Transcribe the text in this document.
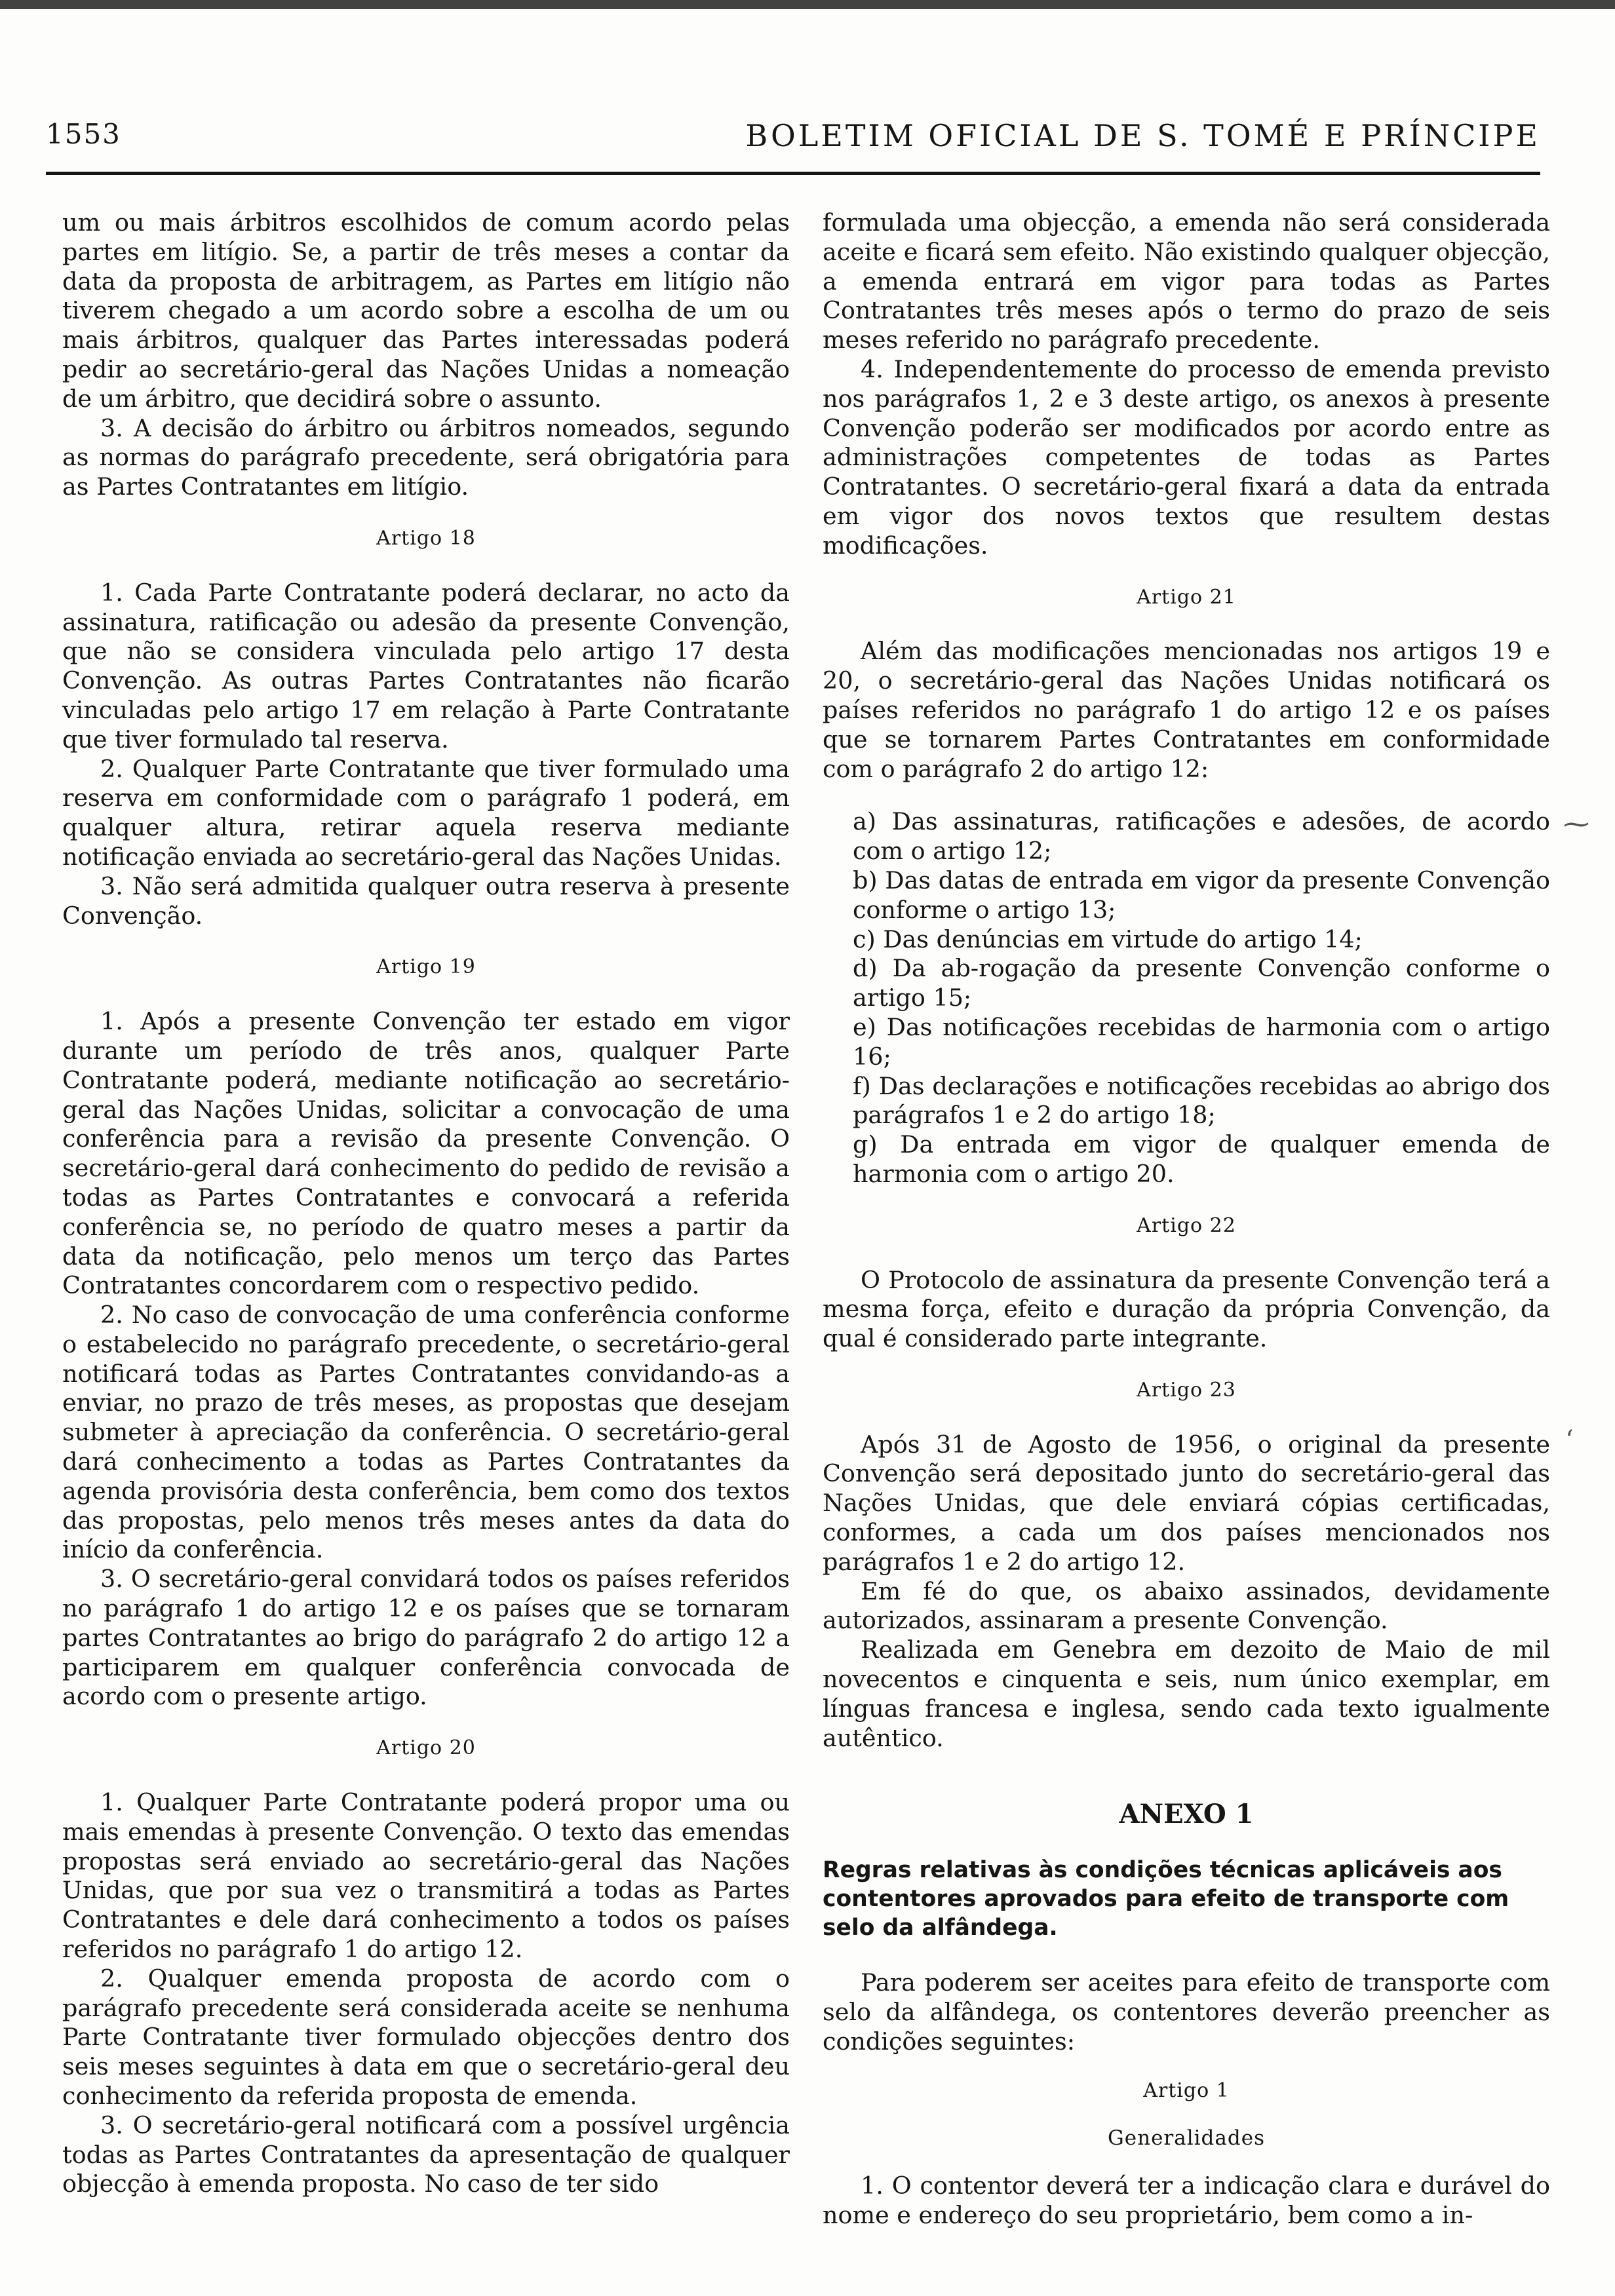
1553	BOLETIM OFICIAL DE S. TOMÉ E PRÍNCIPE

um ou mais árbitros escolhidos de comum acordo pelas partes em litígio. Se, a partir de três meses a contar da data da proposta de arbitragem, as Partes em litígio não tiverem chegado a um acordo sobre a escolha de um ou mais árbitros, qualquer das Partes interessadas poderá pedir ao secretário-geral das Nações Unidas a nomeação de um árbitro, que decidirá sobre o assunto.

3. A decisão do árbitro ou árbitros nomeados, segundo as normas do parágrafo precedente, será obrigatória para as Partes Contratantes em litígio.

Artigo 18

1. Cada Parte Contratante poderá declarar, no acto da assinatura, ratificação ou adesão da presente Convenção, que não se considera vinculada pelo artigo 17 desta Convenção. As outras Partes Contratantes não ficarão vinculadas pelo artigo 17 em relação à Parte Contratante que tiver formulado tal reserva.

2. Qualquer Parte Contratante que tiver formulado uma reserva em conformidade com o parágrafo 1 poderá, em qualquer altura, retirar aquela reserva mediante notificação enviada ao secretário-geral das Nações Unidas.

3. Não será admitida qualquer outra reserva à presente Convenção.

Artigo 19

1. Após a presente Convenção ter estado em vigor durante um período de três anos, qualquer Parte Contratante poderá, mediante notificação ao secretário-geral das Nações Unidas, solicitar a convocação de uma conferência para a revisão da presente Convenção. O secretário-geral dará conhecimento do pedido de revisão a todas as Partes Contratantes e convocará a referida conferência se, no período de quatro meses a partir da data da notificação, pelo menos um terço das Partes Contratantes concordarem com o respectivo pedido.

2. No caso de convocação de uma conferência conforme o estabelecido no parágrafo precedente, o secretário-geral notificará todas as Partes Contratantes convidando-as a enviar, no prazo de três meses, as propostas que desejam submeter à apreciação da conferência. O secretário-geral dará conhecimento a todas as Partes Contratantes da agenda provisória desta conferência, bem como dos textos das propostas, pelo menos três meses antes da data do início da conferência.

3. O secretário-geral convidará todos os países referidos no parágrafo 1 do artigo 12 e os países que se tornaram partes Contratantes ao brigo do parágrafo 2 do artigo 12 a participarem em qualquer conferência convocada de acordo com o presente artigo.

Artigo 20

1. Qualquer Parte Contratante poderá propor uma ou mais emendas à presente Convenção. O texto das emendas propostas será enviado ao secretário-geral das Nações Unidas, que por sua vez o transmitirá a todas as Partes Contratantes e dele dará conhecimento a todos os países referidos no parágrafo 1 do artigo 12.

2. Qualquer emenda proposta de acordo com o parágrafo precedente será considerada aceite se nenhuma Parte Contratante tiver formulado objecções dentro dos seis meses seguintes à data em que o secretário-geral deu conhecimento da referida proposta de emenda.

3. O secretário-geral notificará com a possível urgência todas as Partes Contratantes da apresentação de qualquer objecção à emenda proposta. No caso de ter sido

formulada uma objecção, a emenda não será considerada aceite e ficará sem efeito. Não existindo qualquer objecção, a emenda entrará em vigor para todas as Partes Contratantes três meses após o termo do prazo de seis meses referido no parágrafo precedente.

4. Independentemente do processo de emenda previsto nos parágrafos 1, 2 e 3 deste artigo, os anexos à presente Convenção poderão ser modificados por acordo entre as administrações competentes de todas as Partes Contratantes. O secretário-geral fixará a data da entrada em vigor dos novos textos que resultem destas modificações.

Artigo 21

Além das modificações mencionadas nos artigos 19 e 20, o secretário-geral das Nações Unidas notificará os países referidos no parágrafo 1 do artigo 12 e os países que se tornarem Partes Contratantes em conformidade com o parágrafo 2 do artigo 12:

a) Das assinaturas, ratificações e adesões, de acordo com o artigo 12;

b) Das datas de entrada em vigor da presente Convenção conforme o artigo 13;

c) Das denúncias em virtude do artigo 14;

d) Da ab-rogação da presente Convenção conforme o artigo 15;

e) Das notificações recebidas de harmonia com o artigo 16;

f) Das declarações e notificações recebidas ao abrigo dos parágrafos 1 e 2 do artigo 18;

g) Da entrada em vigor de qualquer emenda de harmonia com o artigo 20.

Artigo 22

O Protocolo de assinatura da presente Convenção terá a mesma força, efeito e duração da própria Convenção, da qual é considerado parte integrante.

Artigo 23

Após 31 de Agosto de 1956, o original da presente Convenção será depositado junto do secretário-geral das Nações Unidas, que dele enviará cópias certificadas, conformes, a cada um dos países mencionados nos parágrafos 1 e 2 do artigo 12.

Em fé do que, os abaixo assinados, devidamente autorizados, assinaram a presente Convenção.

Realizada em Genebra em dezoito de Maio de mil novecentos e cinquenta e seis, num único exemplar, em línguas francesa e inglesa, sendo cada texto igualmente autêntico.

ANEXO 1

Regras relativas às condições técnicas aplicáveis aos contentores aprovados para efeito de transporte com selo da alfândega.

Para poderem ser aceites para efeito de transporte com selo da alfândega, os contentores deverão preencher as condições seguintes:

Artigo 1
Generalidades

1. O contentor deverá ter a indicação clara e durável do nome e endereço do seu proprietário, bem como a in-

⁓
‘
